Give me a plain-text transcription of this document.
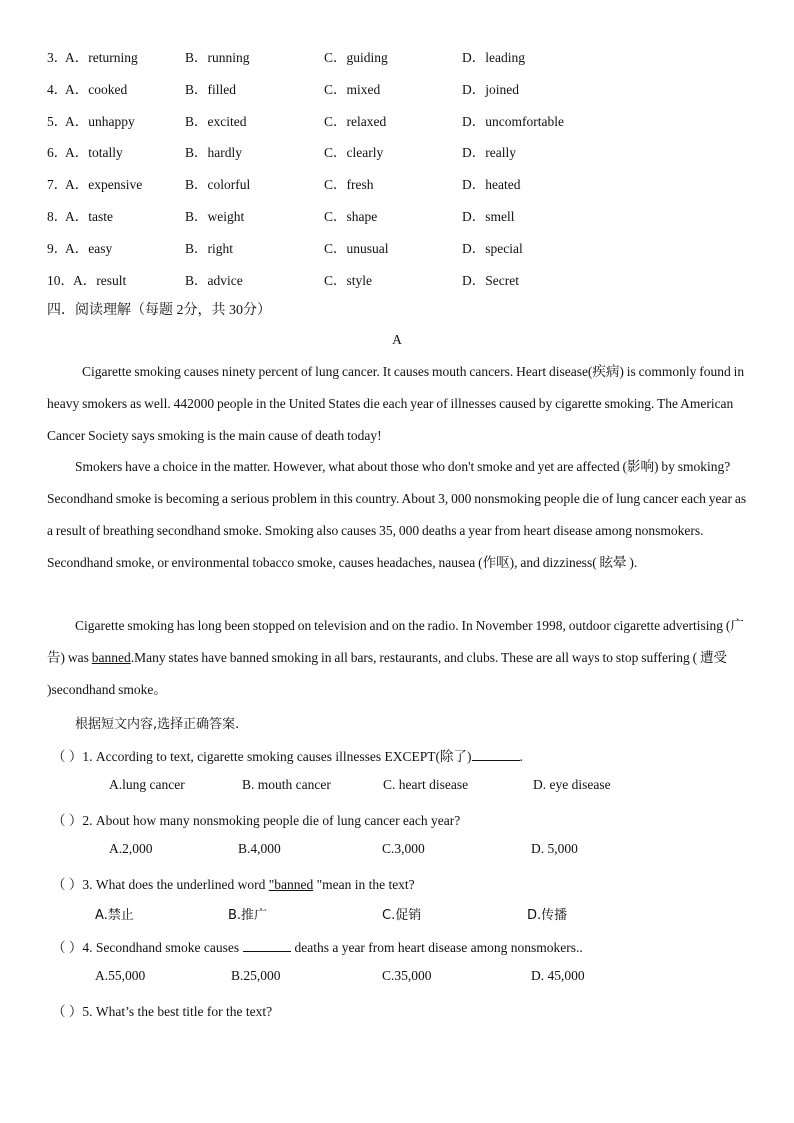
3．
A．returning	B．running	C．guiding	D．leading
4．
A．cooked	B．filled	C．mixed	D．joined
5．
A．unhappy	B．excited	C．relaxed	D．uncomfortable
6．
A．totally	B．hardly	C．clearly	D．really
7．
A．expensive	B．colorful	C．fresh	D．heated
8．
A．taste	B．weight	C．shape	D．smell
9．
A．easy	B．right	C．unusual	D．special
10． A．result	B．advice	C．style	D．Secret
四．阅读理解（每题 2分，共 30分）
A
Cigarette smoking causes ninety percent of lung cancer. It causes mouth cancers. Heart disease(疾病) is commonly found in heavy smokers as well. 442000 people in the United States die each year of illnesses caused by cigarette smoking. The American Cancer Society says smoking is the main cause of death today!
Smokers have a choice in the matter. However, what about those who don't smoke and yet are affected (影响) by smoking? Secondhand smoke is becoming a serious problem in this country. About 3, 000 nonsmoking people die of lung cancer each year as a result of breathing secondhand smoke. Smoking also causes 35, 000 deaths a year from heart disease among nonsmokers. Secondhand smoke, or environmental tobacco smoke, causes headaches, nausea (作呕), and dizziness( 眩晕 ).
Cigarette smoking has long been stopped on television and on the radio. In November 1998, outdoor cigarette advertising (广告) was banned.Many states have banned smoking in all bars, restaurants, and clubs. These are all ways to stop suffering ( 遭受 )secondhand smoke。
根据短文内容,选择正确答案.
（ ）1. According to text, cigarette smoking causes illnesses EXCEPT(除了)	.
A.lung cancer	B. mouth cancer	C. heart disease	D. eye disease
（ ）2. About how many nonsmoking people die of lung cancer each year?
A.2,000	B.4,000	C.3,000	D. 5,000
（ ）3. What does the underlined word "banned "mean in the text?
A.禁止	B.推广	C.促销	D.传播
（ ）4. Secondhand smoke causes	deaths a year from heart disease among nonsmokers..
A.55,000	B.25,000	C.35,000	D. 45,000
（ ）5. What’s the best title for the text?
